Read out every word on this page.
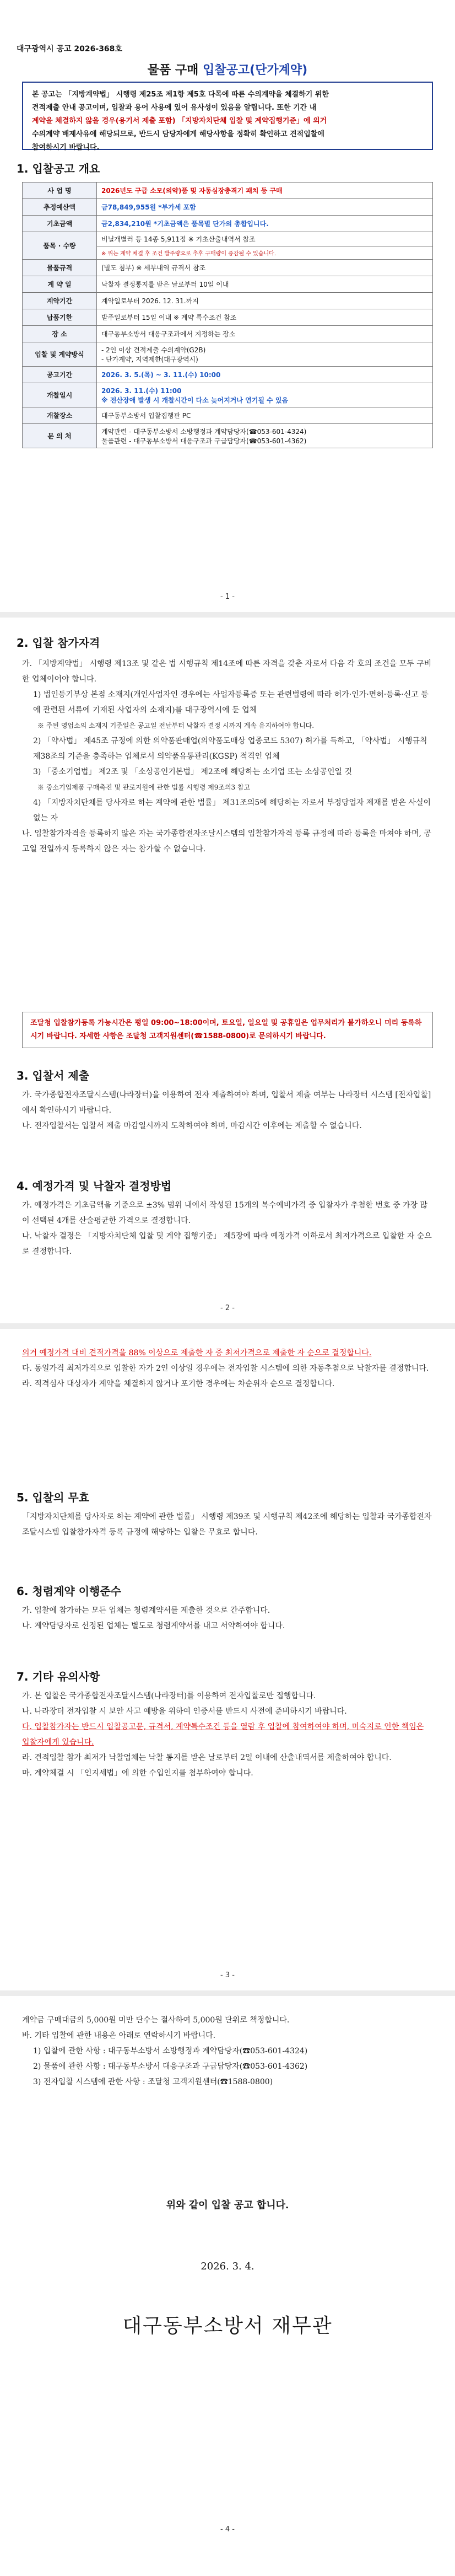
대구광역시 공고 2026-368호
물품 구매 입찰공고(단가계약)
본 공고는 「지방계약법」 시행령 제25조 제1항 제5호 다목에 따른 수의계약을 체결하기 위한
견적제출 안내 공고이며, 입찰과 용어 사용에 있어 유사성이 있음을 알립니다. 또한 기간 내
계약을 체결하지 않을 경우(용기서 제출 포함) 「지방자치단체 입찰 및 계약집행기준」에 의거
수의계약 배제사유에 해당되므로, 반드시 담당자에게 해당사항을 정확히 확인하고 견적입찰에
참여하시기 바랍니다.
1. 입찰공고 개요
사 업 명	2026년도 구급 소모(의약)품 및 자동심장충격기 패치 등 구매
추정예산액	금78,849,955원 *부가세 포함
기초금액	금2,834,210원 *기초금액은 품목별 단가의 총합입니다.
품목 · 수량	비닐개별러 등 14종 5,911점 ※ 기초산출내역서 참조
	※ 위는 계약 체결 후 조건 발주량으로 추후 구매량이 증감될 수 있습니다.
물품규격	(별도 첨부) ※ 세부내역 규격서 참조
계 약 일	낙찰자 결정통지를 받은 날로부터 10일 이내
계약기간	계약일로부터 2026. 12. 31.까지
납품기한	발주일로부터 15일 이내 ※ 계약 특수조건 참조
장 소	대구동부소방서 대응구조과에서 지정하는 장소
입찰 및 계약방식	- 2인 이상 견적제출 수의계약(G2B)
- 단가계약, 지역제한(대구광역시)
공고기간	2026. 3. 5.(목) ~ 3. 11.(수) 10:00
개찰일시	2026. 3. 11.(수) 11:00
※ 전산장애 발생 시 개찰시간이 다소 늦어지거나 연기될 수 있음
개찰장소	대구동부소방서 입찰집행관 PC
문 의 처	계약관련 - 대구동부소방서 소방행정과 계약담당자(☎053-601-4324)
물품관련 - 대구동부소방서 대응구조과 구급담당자(☎053-601-4362)
- 1 -
2. 입찰 참가자격
가. 「지방계약법」 시행령 제13조 및 같은 법 시행규칙 제14조에 따른 자격을 갖춘 자로서 다음 각 호의 조건을 모두 구비한 업체이어야 합니다.
1) 법인등기부상 본점 소재지(개인사업자인 경우에는 사업자등록증 또는 관련법령에 따라 허가·인가·면허·등록·신고 등에 관련된 서류에 기재된 사업자의 소재지)를 대구광역시에 둔 업체
※ 주된 영업소의 소재지 기준일은 공고일 전날부터 낙찰자 결정 시까지 계속 유지하여야 합니다.
2) 「약사법」 제45조 규정에 의한 의약품판매업(의약품도매상 업종코드 5307) 허가를 득하고, 「약사법」 시행규칙 제38조의 기준을 충족하는 업체로서 의약품유통관리(KGSP) 적격인 업체
3) 「중소기업법」 제2조 및 「소상공인기본법」 제2조에 해당하는 소기업 또는 소상공인일 것
※ 중소기업제품 구매촉진 및 판로지원에 관한 법률 시행령 제9조의3 참고
4) 「지방자치단체를 당사자로 하는 계약에 관한 법률」 제31조의5에 해당하는 자로서 부정당업자 제재를 받은 사실이 없는 자
나. 입찰참가자격을 등록하지 않은 자는 국가종합전자조달시스템의 입찰참가자격 등록 규정에 따라 등록을 마쳐야 하며, 공고일 전일까지 등록하지 않은 자는 참가할 수 없습니다.
조달청 입찰참가등록 가능시간은 평일 09:00~18:00이며, 토요일, 일요일 및 공휴일은 업무처리가 불가하오니 미리 등록하시기 바랍니다. 자세한 사항은 조달청 고객지원센터(☎1588-0800)로 문의하시기 바랍니다.
3. 입찰서 제출
가. 국가종합전자조달시스템(나라장터)을 이용하여 전자 제출하여야 하며, 입찰서 제출 여부는 나라장터 시스템 [전자입찰]에서 확인하시기 바랍니다.
나. 전자입찰서는 입찰서 제출 마감일시까지 도착하여야 하며, 마감시간 이후에는 제출할 수 없습니다.
4. 예정가격 및 낙찰자 결정방법
가. 예정가격은 기초금액을 기준으로 ±3% 범위 내에서 작성된 15개의 복수예비가격 중 입찰자가 추첨한 번호 중 가장 많이 선택된 4개를 산술평균한 가격으로 결정합니다.
나. 낙찰자 결정은 「지방자치단체 입찰 및 계약 집행기준」 제5장에 따라 예정가격 이하로서 최저가격으로 입찰한 자 순으로 결정합니다.
- 2 -
의거 예정가격 대비 견적가격을 88% 이상으로 제출한 자 중 최저가격으로 제출한 자 순으로 결정합니다.
다. 동일가격 최저가격으로 입찰한 자가 2인 이상일 경우에는 전자입찰 시스템에 의한 자동추첨으로 낙찰자를 결정합니다.
라. 적격심사 대상자가 계약을 체결하지 않거나 포기한 경우에는 차순위자 순으로 결정합니다.
5. 입찰의 무효
「지방자치단체를 당사자로 하는 계약에 관한 법률」 시행령 제39조 및 시행규칙 제42조에 해당하는 입찰과 국가종합전자조달시스템 입찰참가자격 등록 규정에 해당하는 입찰은 무효로 합니다.
6. 청렴계약 이행준수
가. 입찰에 참가하는 모든 업체는 청렴계약서를 제출한 것으로 간주합니다.
나. 계약담당자로 선정된 업체는 별도로 청렴계약서를 내고 서약하여야 합니다.
7. 기타 유의사항
가. 본 입찰은 국가종합전자조달시스템(나라장터)를 이용하여 전자입찰로만 집행합니다.
나. 나라장터 전자입찰 시 보안 사고 예방을 위하여 인증서를 반드시 사전에 준비하시기 바랍니다.
다. 입찰참가자는 반드시 입찰공고문, 규격서, 계약특수조건 등을 열람 후 입찰에 참여하여야 하며, 미숙지로 인한 책임은 입찰자에게 있습니다.
라. 견적입찰 참가 최저가 낙찰업체는 낙찰 통지를 받은 날로부터 2일 이내에 산출내역서를 제출하여야 합니다.
마. 계약체결 시 「인지세법」에 의한 수입인지를 첨부하여야 합니다.
- 3 -
계약금 구매대금의 5,000원 미만 단수는 절사하여 5,000원 단위로 책정합니다.
바. 기타 입찰에 관한 내용은 아래로 연락하시기 바랍니다.
1) 입찰에 관한 사항 : 대구동부소방서 소방행정과 계약담당자(☎053-601-4324)
2) 물품에 관한 사항 : 대구동부소방서 대응구조과 구급담당자(☎053-601-4362)
3) 전자입찰 시스템에 관한 사항 : 조달청 고객지원센터(☎1588-0800)
위와 같이 입찰 공고 합니다.
2026. 3. 4.
대구동부소방서 재무관
- 4 -
